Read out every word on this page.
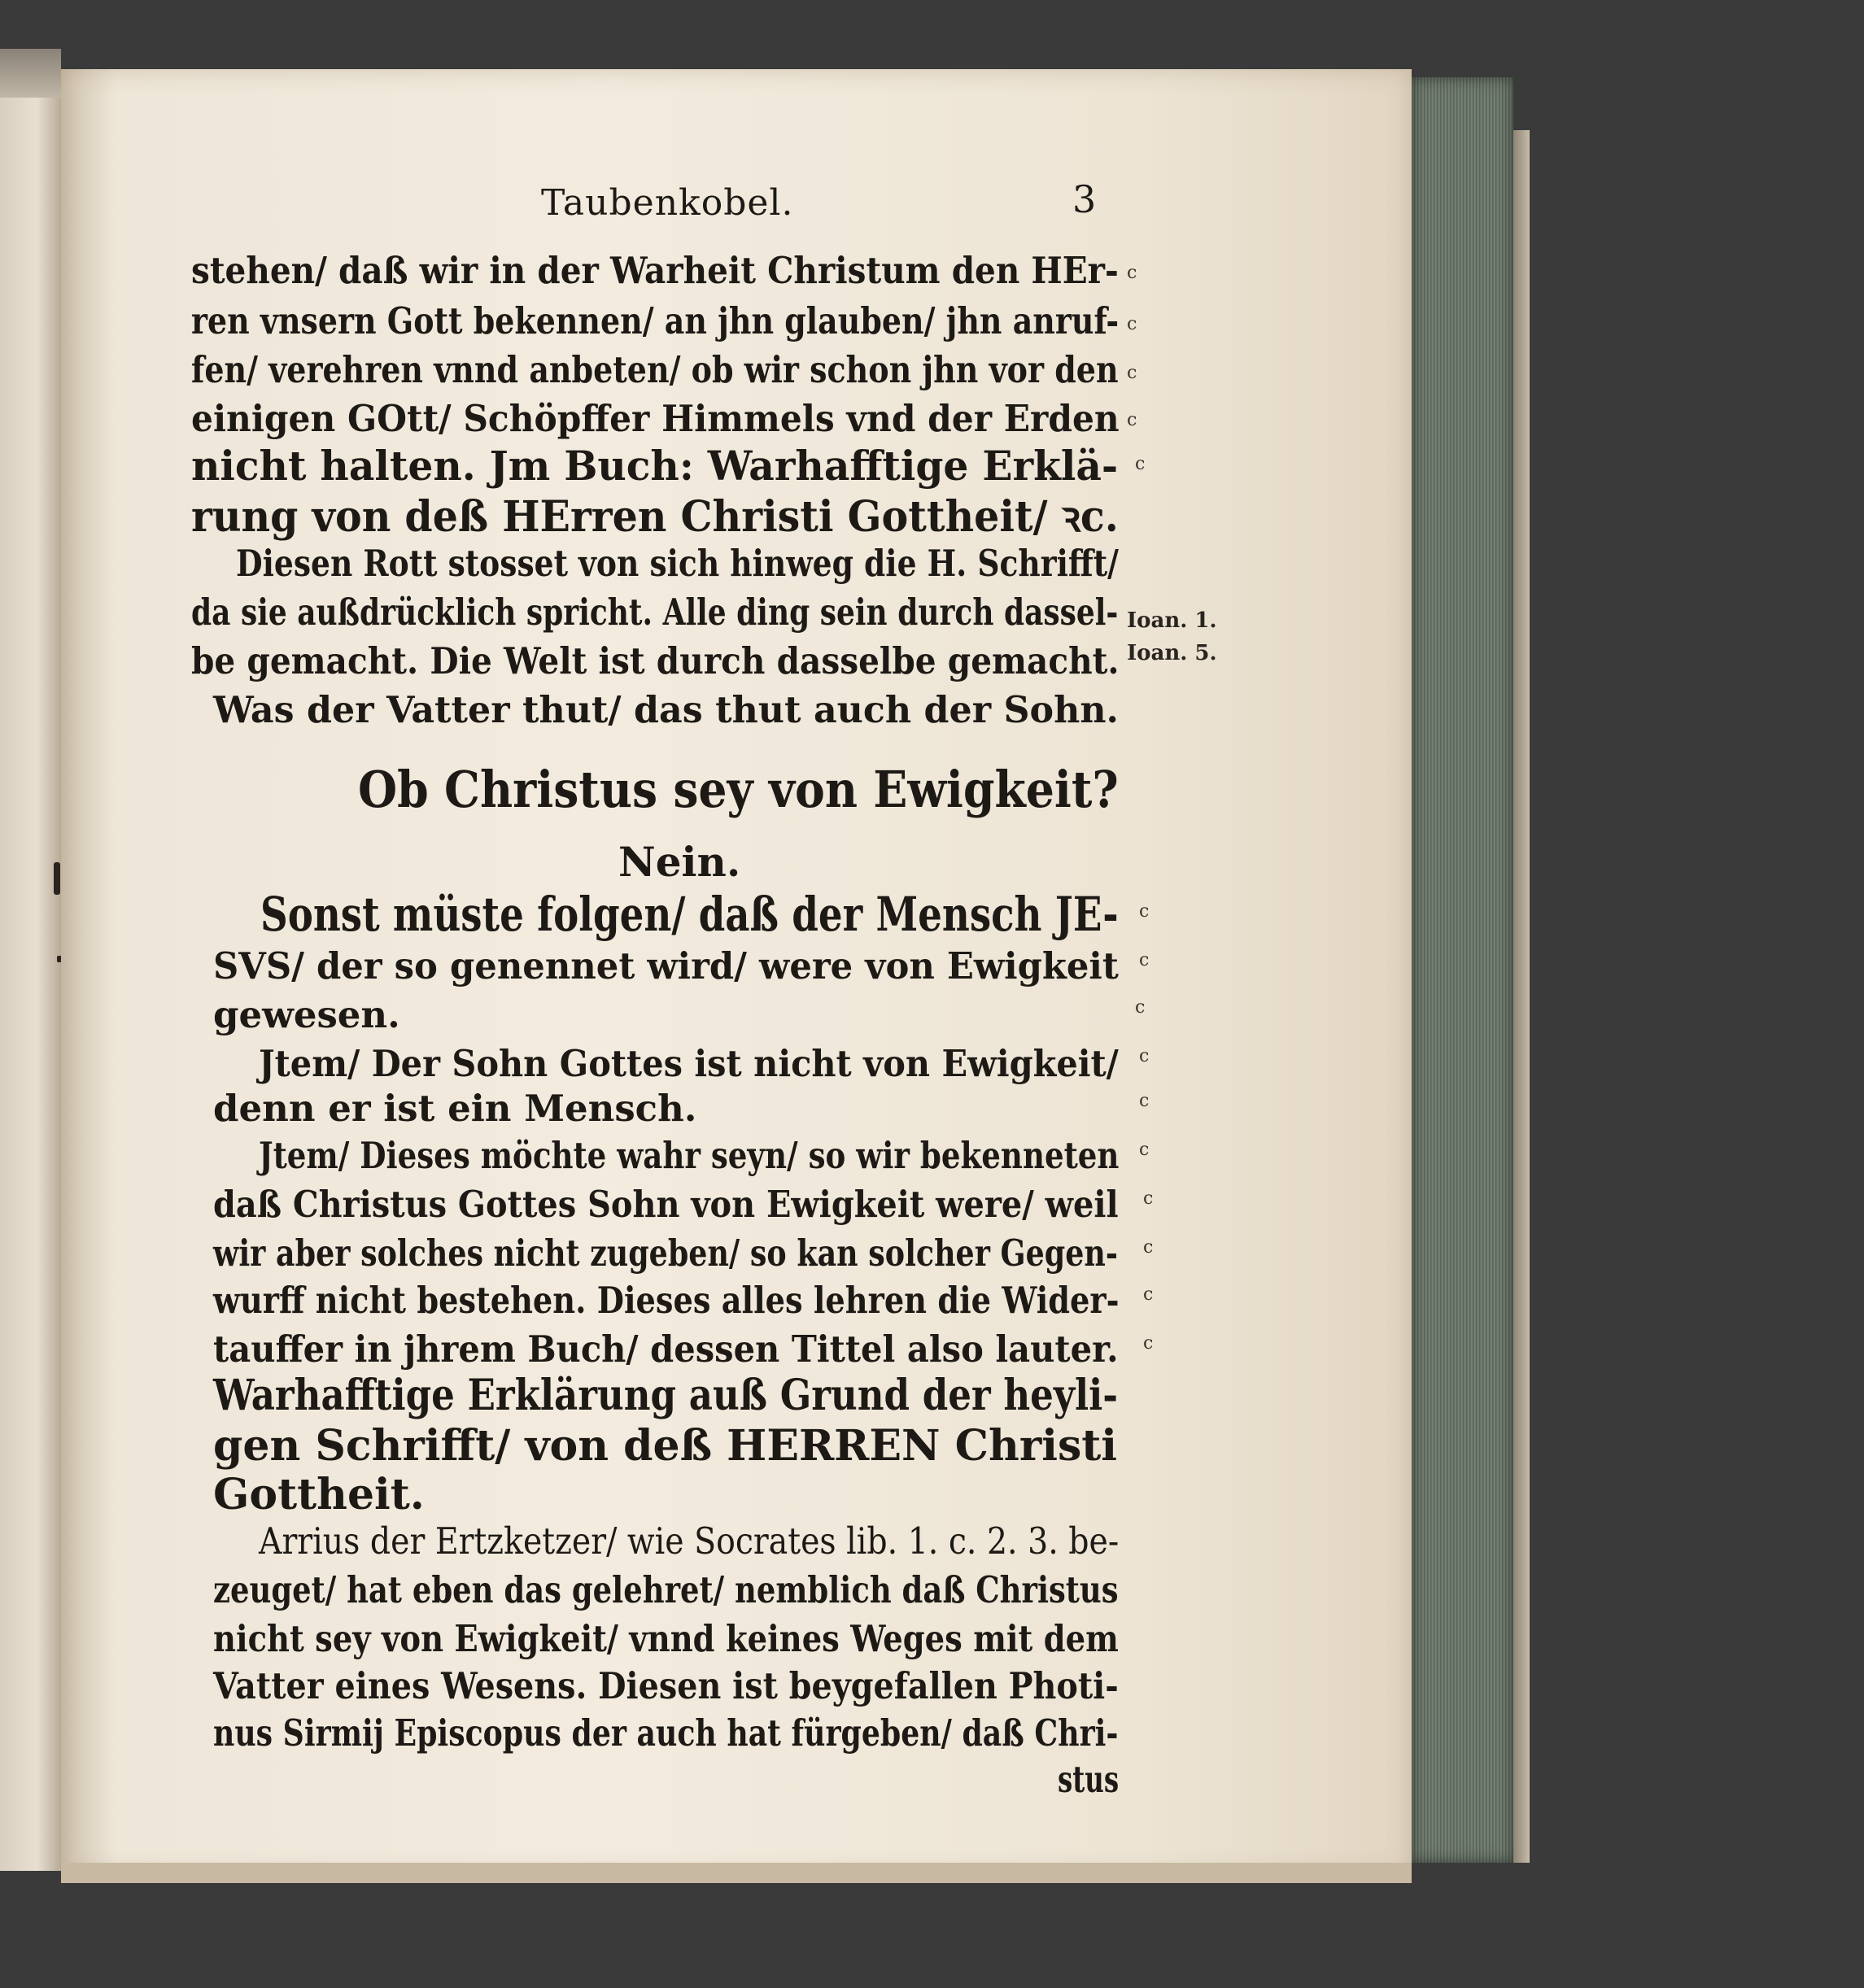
Taubenkobel.	3
stehen/ daß wir in der Warheit Christum den HEr-
ren vnsern Gott bekennen/ an jhn glauben/ jhn anruf-
fen/ verehren vnnd anbeten/ ob wir schon jhn vor den
einigen GOtt/ Schöpffer Himmels vnd der Erden
nicht halten. Jm Buch: Warhafftige Erklä-
rung von deß HErren Christi Gottheit/ ꝛc.
Diesen Rott stosset von sich hinweg die H. Schrifft/
da sie außdrücklich spricht. Alle ding sein durch dassel-
be gemacht. Die Welt ist durch dasselbe gemacht.
Was der Vatter thut/ das thut auch der Sohn.
Ioan. 1.
Ioan. 5.
c
c
c
c
c
Ob Christus sey von Ewigkeit?
Nein.
Sonst müste folgen/ daß der Mensch JE-
SVS/ der so genennet wird/ were von Ewigkeit
gewesen.
Jtem/ Der Sohn Gottes ist nicht von Ewigkeit/
denn er ist ein Mensch.
Jtem/ Dieses möchte wahr seyn/ so wir bekenneten
daß Christus Gottes Sohn von Ewigkeit were/ weil
wir aber solches nicht zugeben/ so kan solcher Gegen-
wurff nicht bestehen. Dieses alles lehren die Wider-
tauffer in jhrem Buch/ dessen Tittel also lauter.
Warhafftige Erklärung auß Grund der heyli-
gen Schrifft/ von deß HERREN Christi
Gottheit.
c
c
c
c
c
c
c
c
c
c
Arrius der Ertzketzer/ wie Socrates lib. 1. c. 2. 3. be-
zeuget/ hat eben das gelehret/ nemblich daß Christus
nicht sey von Ewigkeit/ vnnd keines Weges mit dem
Vatter eines Wesens. Diesen ist beygefallen Photi-
nus Sirmij Episcopus der auch hat fürgeben/ daß Chri-
stus
